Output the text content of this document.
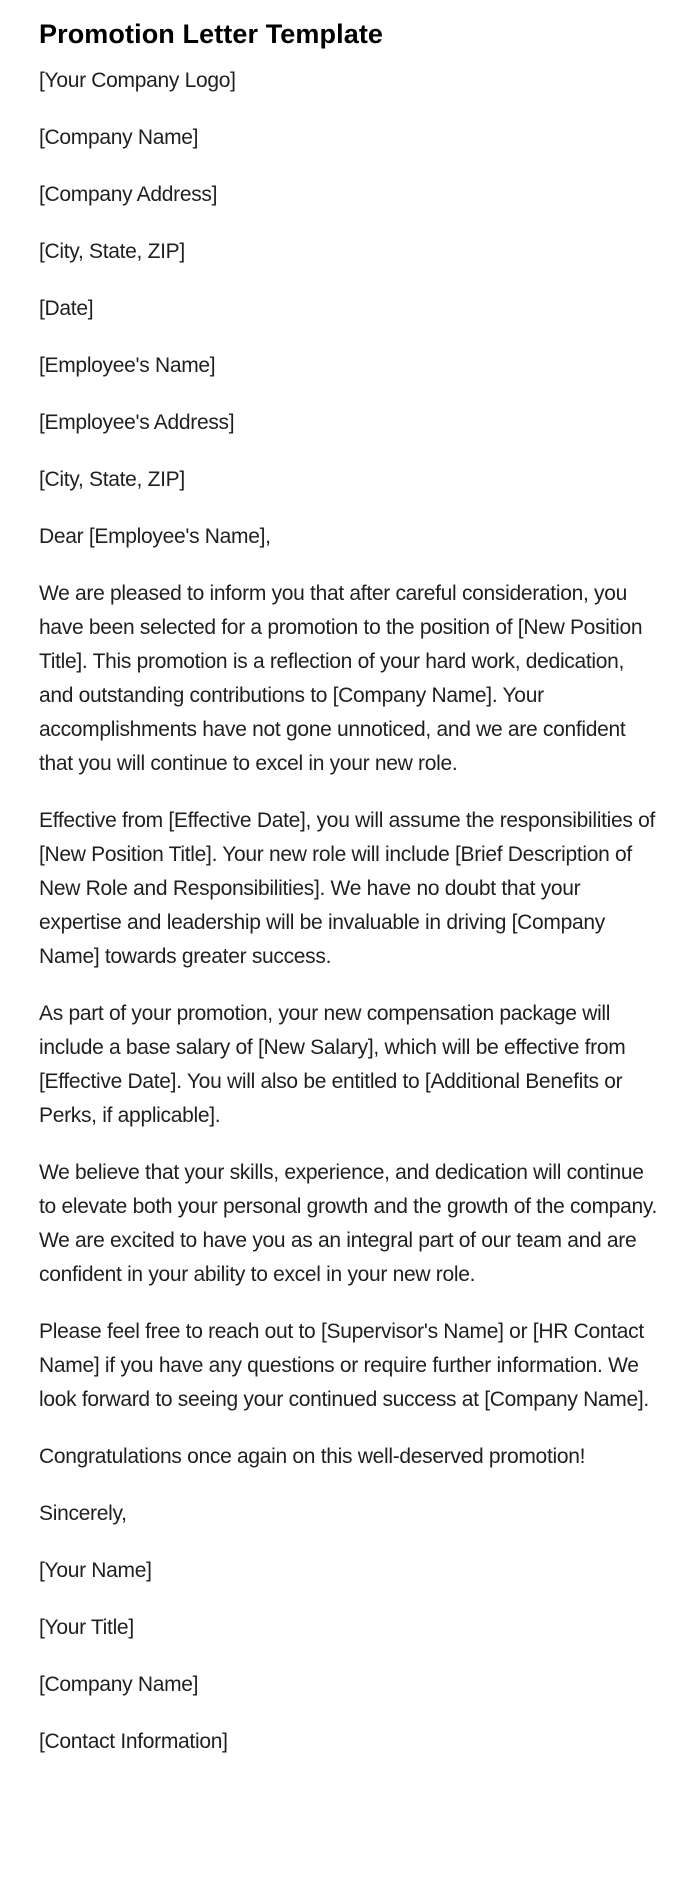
Promotion Letter Template

[Your Company Logo]

[Company Name]

[Company Address]

[City, State, ZIP]

[Date]

[Employee's Name]

[Employee's Address]

[City, State, ZIP]

Dear [Employee's Name],

We are pleased to inform you that after careful consideration, you have been selected for a promotion to the position of [New Position Title]. This promotion is a reflection of your hard work, dedication, and outstanding contributions to [Company Name]. Your accomplishments have not gone unnoticed, and we are confident that you will continue to excel in your new role.

Effective from [Effective Date], you will assume the responsibilities of [New Position Title]. Your new role will include [Brief Description of New Role and Responsibilities]. We have no doubt that your expertise and leadership will be invaluable in driving [Company Name] towards greater success.

As part of your promotion, your new compensation package will include a base salary of [New Salary], which will be effective from [Effective Date]. You will also be entitled to [Additional Benefits or Perks, if applicable].

We believe that your skills, experience, and dedication will continue to elevate both your personal growth and the growth of the company. We are excited to have you as an integral part of our team and are confident in your ability to excel in your new role.

Please feel free to reach out to [Supervisor's Name] or [HR Contact Name] if you have any questions or require further information. We look forward to seeing your continued success at [Company Name].

Congratulations once again on this well-deserved promotion!

Sincerely,

[Your Name]

[Your Title]

[Company Name]

[Contact Information]
